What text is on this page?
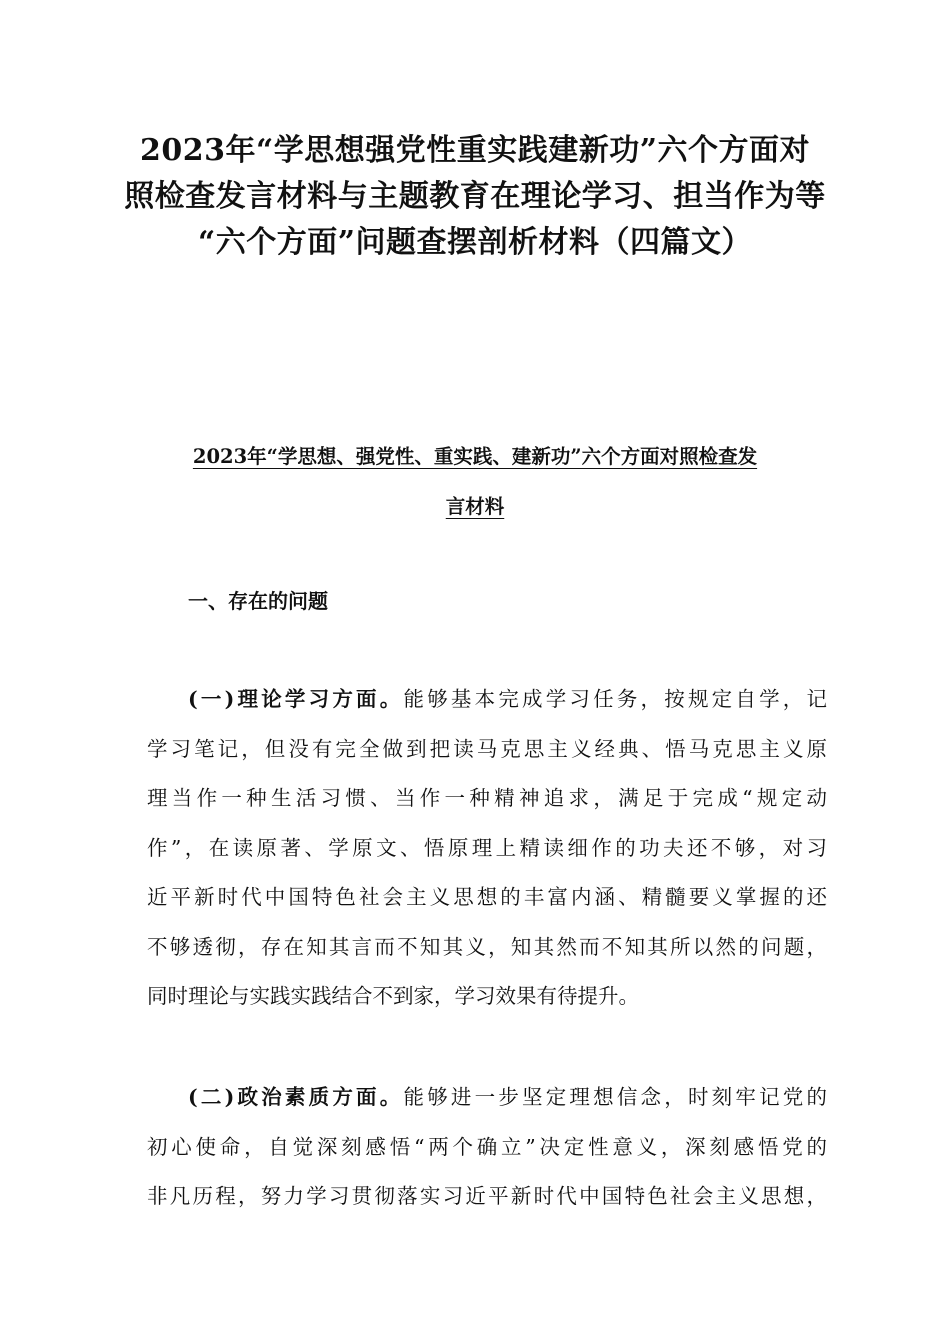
2023年“学思想强党性重实践建新功”六个方面对
照检查发言材料与主题教育在理论学习、担当作为等
“六个方面”问题查摆剖析材料（四篇文）
2023年“学思想、强党性、重实践、建新功”六个方面对照检查发
言材料
一、存在的问题
(一)理论学习方面。能够基本完成学习任务，按规定自学，记
学习笔记，但没有完全做到把读马克思主义经典、悟马克思主义原
理当作一种生活习惯、当作一种精神追求，满足于完成“规定动
作”，在读原著、学原文、悟原理上精读细作的功夫还不够，对习
近平新时代中国特色社会主义思想的丰富内涵、精髓要义掌握的还
不够透彻，存在知其言而不知其义，知其然而不知其所以然的问题，
同时理论与实践实践结合不到家，学习效果有待提升。
(二)政治素质方面。能够进一步坚定理想信念，时刻牢记党的
初心使命，自觉深刻感悟“两个确立”决定性意义，深刻感悟党的
非凡历程，努力学习贯彻落实习近平新时代中国特色社会主义思想，
